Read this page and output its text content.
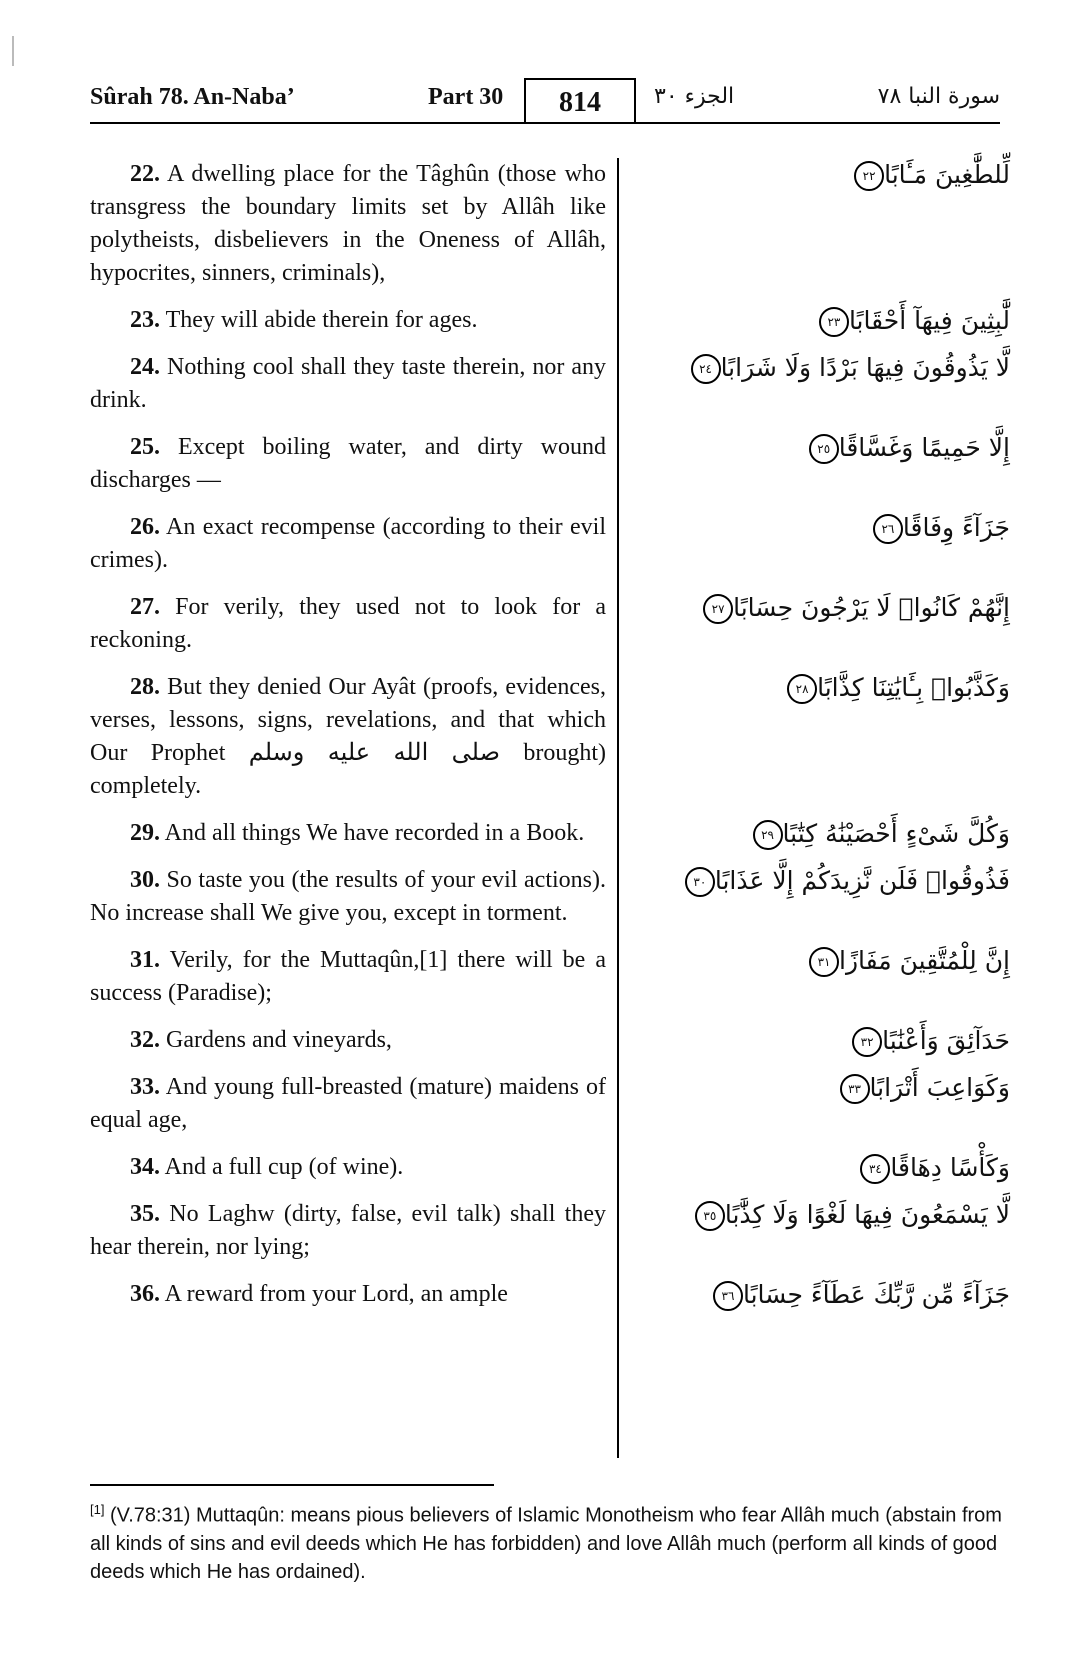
Sûrah 78. An-Naba’	Part 30	814	الجزء ٣٠	سورة النبا ٧٨
لِّلطَّٰغِينَ مَـَٔابًا٢٢
22. A dwelling place for the Tâghûn (those who transgress the boundary limits set by Allâh like polytheists, disbelievers in the Oneness of Allâh, hypocrites, sinners, criminals),
لَّٰبِثِينَ فِيهَآ أَحْقَابًا٢٣
23. They will abide therein for ages.
لَّا يَذُوقُونَ فِيهَا بَرْدًا وَلَا شَرَابًا٢٤
24. Nothing cool shall they taste therein, nor any drink.
إِلَّا حَمِيمًا وَغَسَّاقًا٢٥
25. Except boiling water, and dirty wound discharges —
جَزَآءً وِفَاقًا٢٦
26. An exact recompense (according to their evil crimes).
إِنَّهُمْ كَانُوا۟ لَا يَرْجُونَ حِسَابًا٢٧
27. For verily, they used not to look for a reckoning.
وَكَذَّبُوا۟ بِـَٔايَٰتِنَا كِذَّابًا٢٨
28. But they denied Our Ayât (proofs, evidences, verses, lessons, signs, revelations, and that which Our Prophet صلى الله عليه وسلم brought) completely.
وَكُلَّ شَىْءٍ أَحْصَيْنَٰهُ كِتَٰبًا٢٩
29. And all things We have recorded in a Book.
فَذُوقُوا۟ فَلَن نَّزِيدَكُمْ إِلَّا عَذَابًا٣٠
30. So taste you (the results of your evil actions). No increase shall We give you, except in torment.
إِنَّ لِلْمُتَّقِينَ مَفَازًا٣١
31. Verily, for the Muttaqûn,[1] there will be a success (Paradise);
حَدَآئِقَ وَأَعْنَٰبًا٣٢
32. Gardens and vineyards,
وَكَوَاعِبَ أَتْرَابًا٣٣
33. And young full-breasted (mature) maidens of equal age,
وَكَأْسًا دِهَاقًا٣٤
34. And a full cup (of wine).
لَّا يَسْمَعُونَ فِيهَا لَغْوًا وَلَا كِذَّٰبًا٣٥
35. No Laghw (dirty, false, evil talk) shall they hear therein, nor lying;
جَزَآءً مِّن رَّبِّكَ عَطَآءً حِسَابًا٣٦
36. A reward from your Lord, an ample
[1] (V.78:31) Muttaqûn: means pious believers of Islamic Monotheism who fear Allâh much (abstain from all kinds of sins and evil deeds which He has forbidden) and love Allâh much (perform all kinds of good deeds which He has ordained).
